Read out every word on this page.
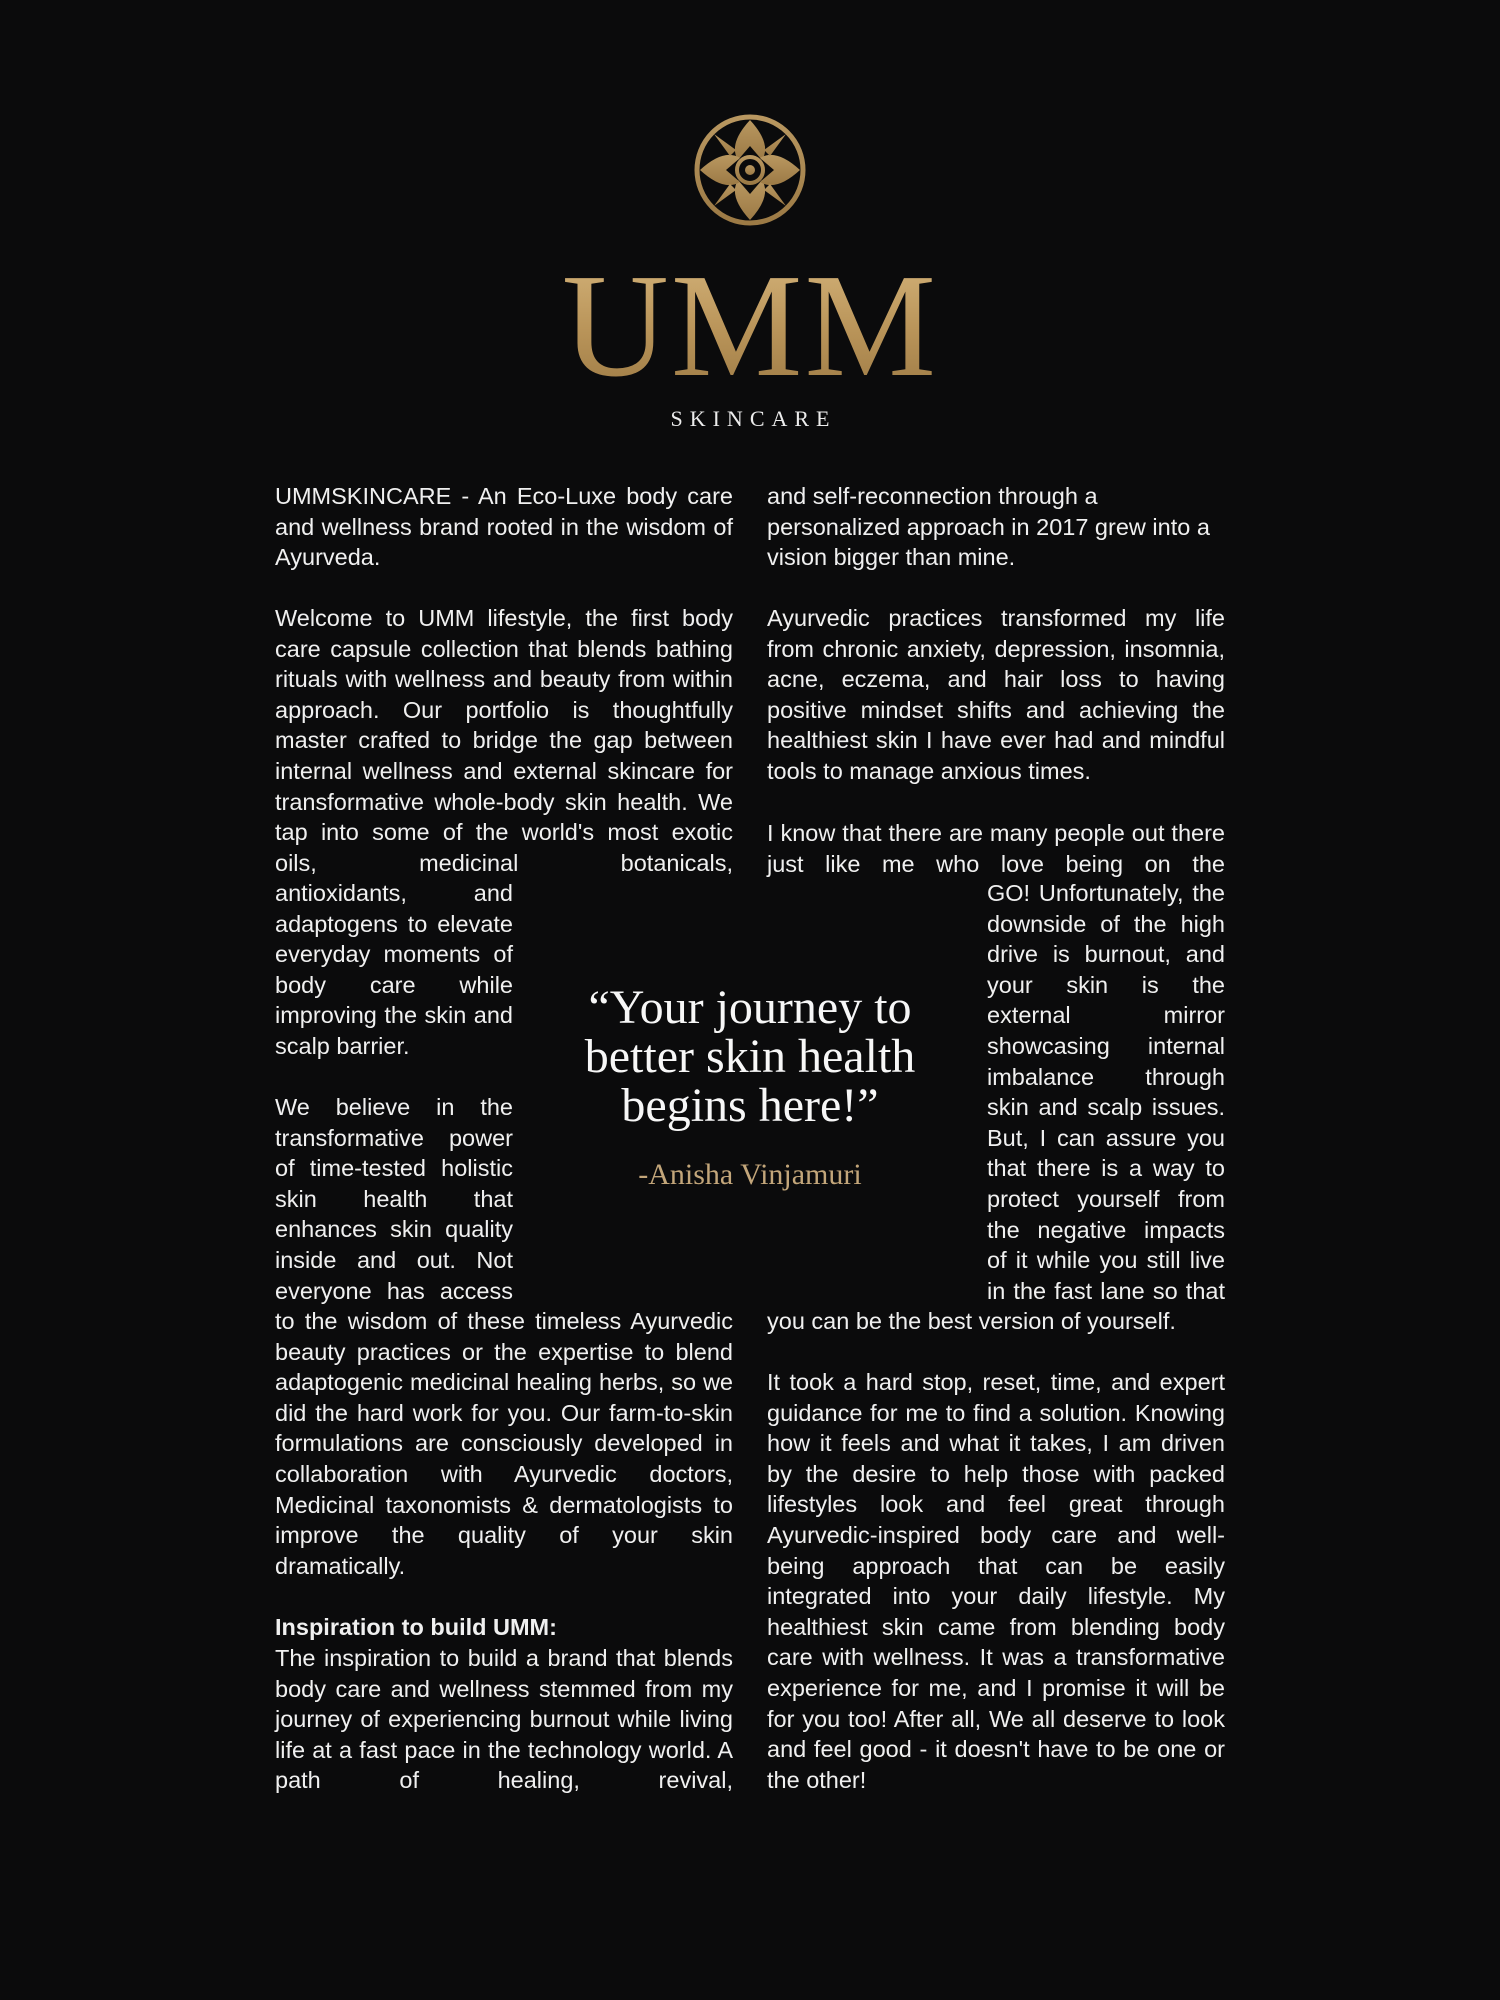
UMM
SKINCARE

UMMSKINCARE - An Eco-Luxe body care and wellness brand rooted in the wisdom of Ayurveda.

Welcome to UMM lifestyle, the first body care capsule collection that blends bathing rituals with wellness and beauty from within approach. Our portfolio is thoughtfully master crafted to bridge the gap between internal wellness and external skincare for transformative whole-body skin health. We tap into some of the world's most exotic oils, medicinal botanicals,

antioxidants, and adaptogens to elevate everyday moments of body care while improving the skin and scalp barrier.

We believe in the transformative power of time-tested holistic skin health that enhances skin quality inside and out. Not everyone has access

to the wisdom of these timeless Ayurvedic beauty practices or the expertise to blend adaptogenic medicinal healing herbs, so we did the hard work for you. Our farm-to-skin formulations are consciously developed in collaboration with Ayurvedic doctors, Medicinal taxonomists & dermatologists to improve the quality of your skin dramatically.

Inspiration to build UMM:

The inspiration to build a brand that blends body care and wellness stemmed from my journey of experiencing burnout while living life at a fast pace in the technology world. A path of healing, revival,

and self-reconnection through a personalized approach in 2017 grew into a vision bigger than mine.

Ayurvedic practices transformed my life from chronic anxiety, depression, insomnia, acne, eczema, and hair loss to having positive mindset shifts and achieving the healthiest skin I have ever had and mindful tools to manage anxious times.

I know that there are many people out there just like me who love being on the

GO! Unfortunately, the downside of the high drive is burnout, and your skin is the external mirror showcasing internal imbalance through skin and scalp issues. But, I can assure you that there is a way to protect yourself from the negative impacts of it while you still live in the fast lane so that

you can be the best version of yourself.

It took a hard stop, reset, time, and expert guidance for me to find a solution. Knowing how it feels and what it takes, I am driven by the desire to help those with packed lifestyles look and feel great through Ayurvedic-inspired body care and well-being approach that can be easily integrated into your daily lifestyle. My healthiest skin came from blending body care with wellness. It was a transformative experience for me, and I promise it will be for you too! After all, We all deserve to look and feel good - it doesn't have to be one or the other!

“Your journey to better skin health begins here!”
-Anisha Vinjamuri
